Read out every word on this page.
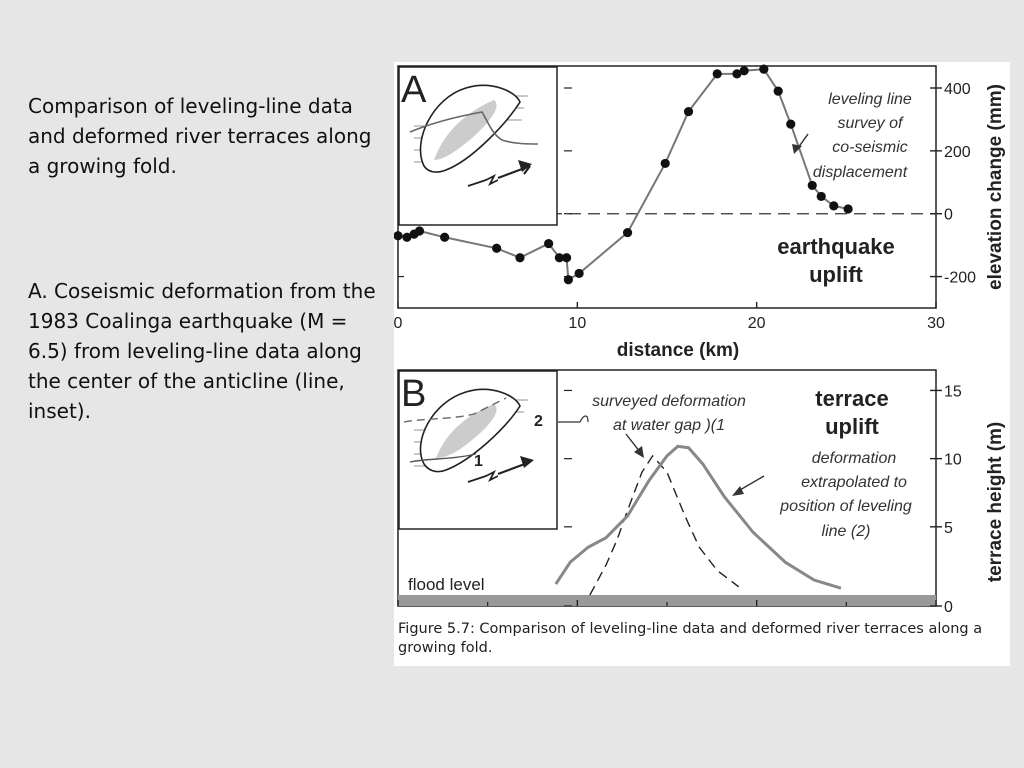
Comparison of leveling-line data and deformed river terraces along a growing fold.
A. Coseismic deformation from the 1983 Coalinga earthquake (M = 6.5) from leveling-line data along the center of the anticline (line, inset).
-200
0
200
400
0	10	20	30
A	leveling line
survey of
co-seismic
displacement
earthquake
uplift
distance (km)
elevation change (mm)
0
5
10
15
B
2
1
surveyed deformation
at water gap )(1
terrace
uplift
deformation
extrapolated to
position of leveling
line (2)
flood level
terrace height (m)
Figure 5.7: Comparison of leveling-line data and deformed river terraces along a growing fold.
